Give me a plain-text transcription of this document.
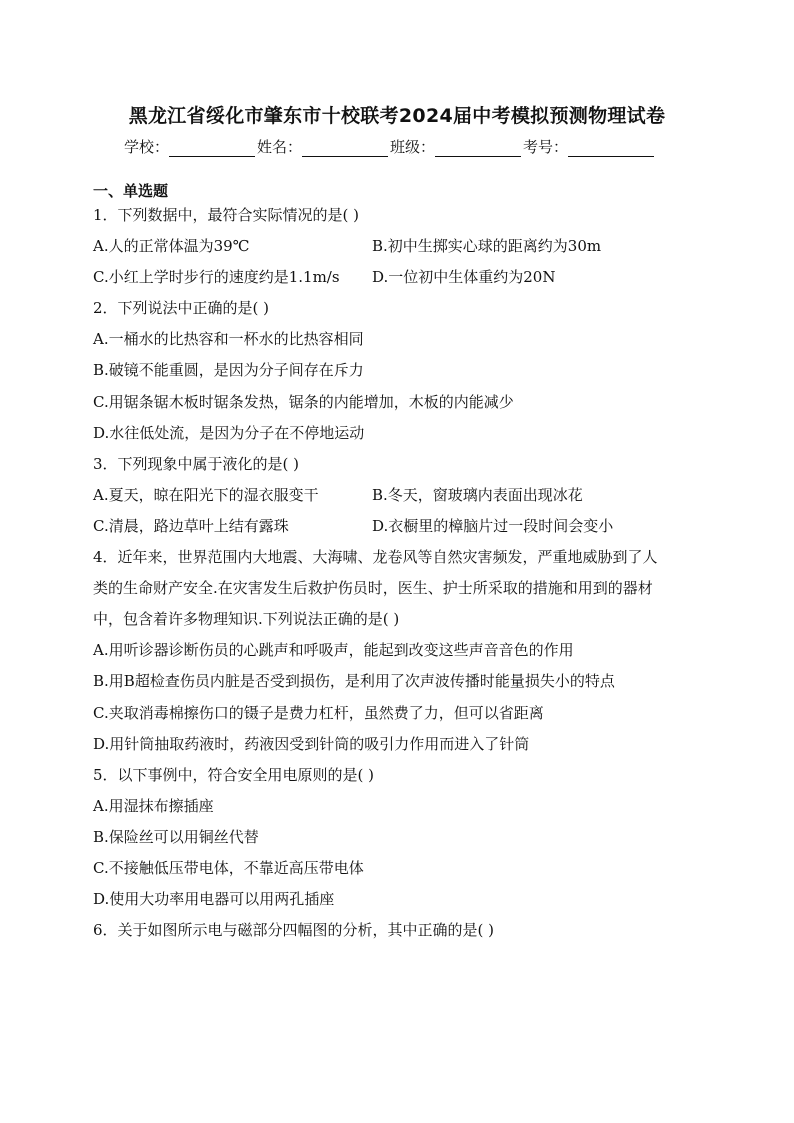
黑龙江省绥化市肇东市十校联考2024届中考模拟预测物理试卷
学校：	姓名：	班级：	考号：
一、单选题
1．下列数据中，最符合实际情况的是( )
A.人的正常体温为39℃	B.初中生掷实心球的距离约为30m
C.小红上学时步行的速度约是1.1m/s D.一位初中生体重约为20N
2．下列说法中正确的是( )
A.一桶水的比热容和一杯水的比热容相同
B.破镜不能重圆，是因为分子间存在斥力
C.用锯条锯木板时锯条发热，锯条的内能增加，木板的内能减少
D.水往低处流，是因为分子在不停地运动
3．下列现象中属于液化的是( )
A.夏天，晾在阳光下的湿衣服变干	B.冬天，窗玻璃内表面出现冰花
C.清晨，路边草叶上结有露珠	D.衣橱里的樟脑片过一段时间会变小
4．近年来，世界范围内大地震、大海啸、龙卷风等自然灾害频发，严重地威胁到了人
类的生命财产安全.在灾害发生后救护伤员时，医生、护士所采取的措施和用到的器材
中，包含着许多物理知识.下列说法正确的是( )
A.用听诊器诊断伤员的心跳声和呼吸声，能起到改变这些声音音色的作用
B.用B超检查伤员内脏是否受到损伤，是利用了次声波传播时能量损失小的特点
C.夹取消毒棉擦伤口的镊子是费力杠杆，虽然费了力，但可以省距离
D.用针筒抽取药液时，药液因受到针筒的吸引力作用而进入了针筒
5．以下事例中，符合安全用电原则的是( )
A.用湿抹布擦插座
B.保险丝可以用铜丝代替
C.不接触低压带电体，不靠近高压带电体
D.使用大功率用电器可以用两孔插座
6．关于如图所示电与磁部分四幅图的分析，其中正确的是( )
